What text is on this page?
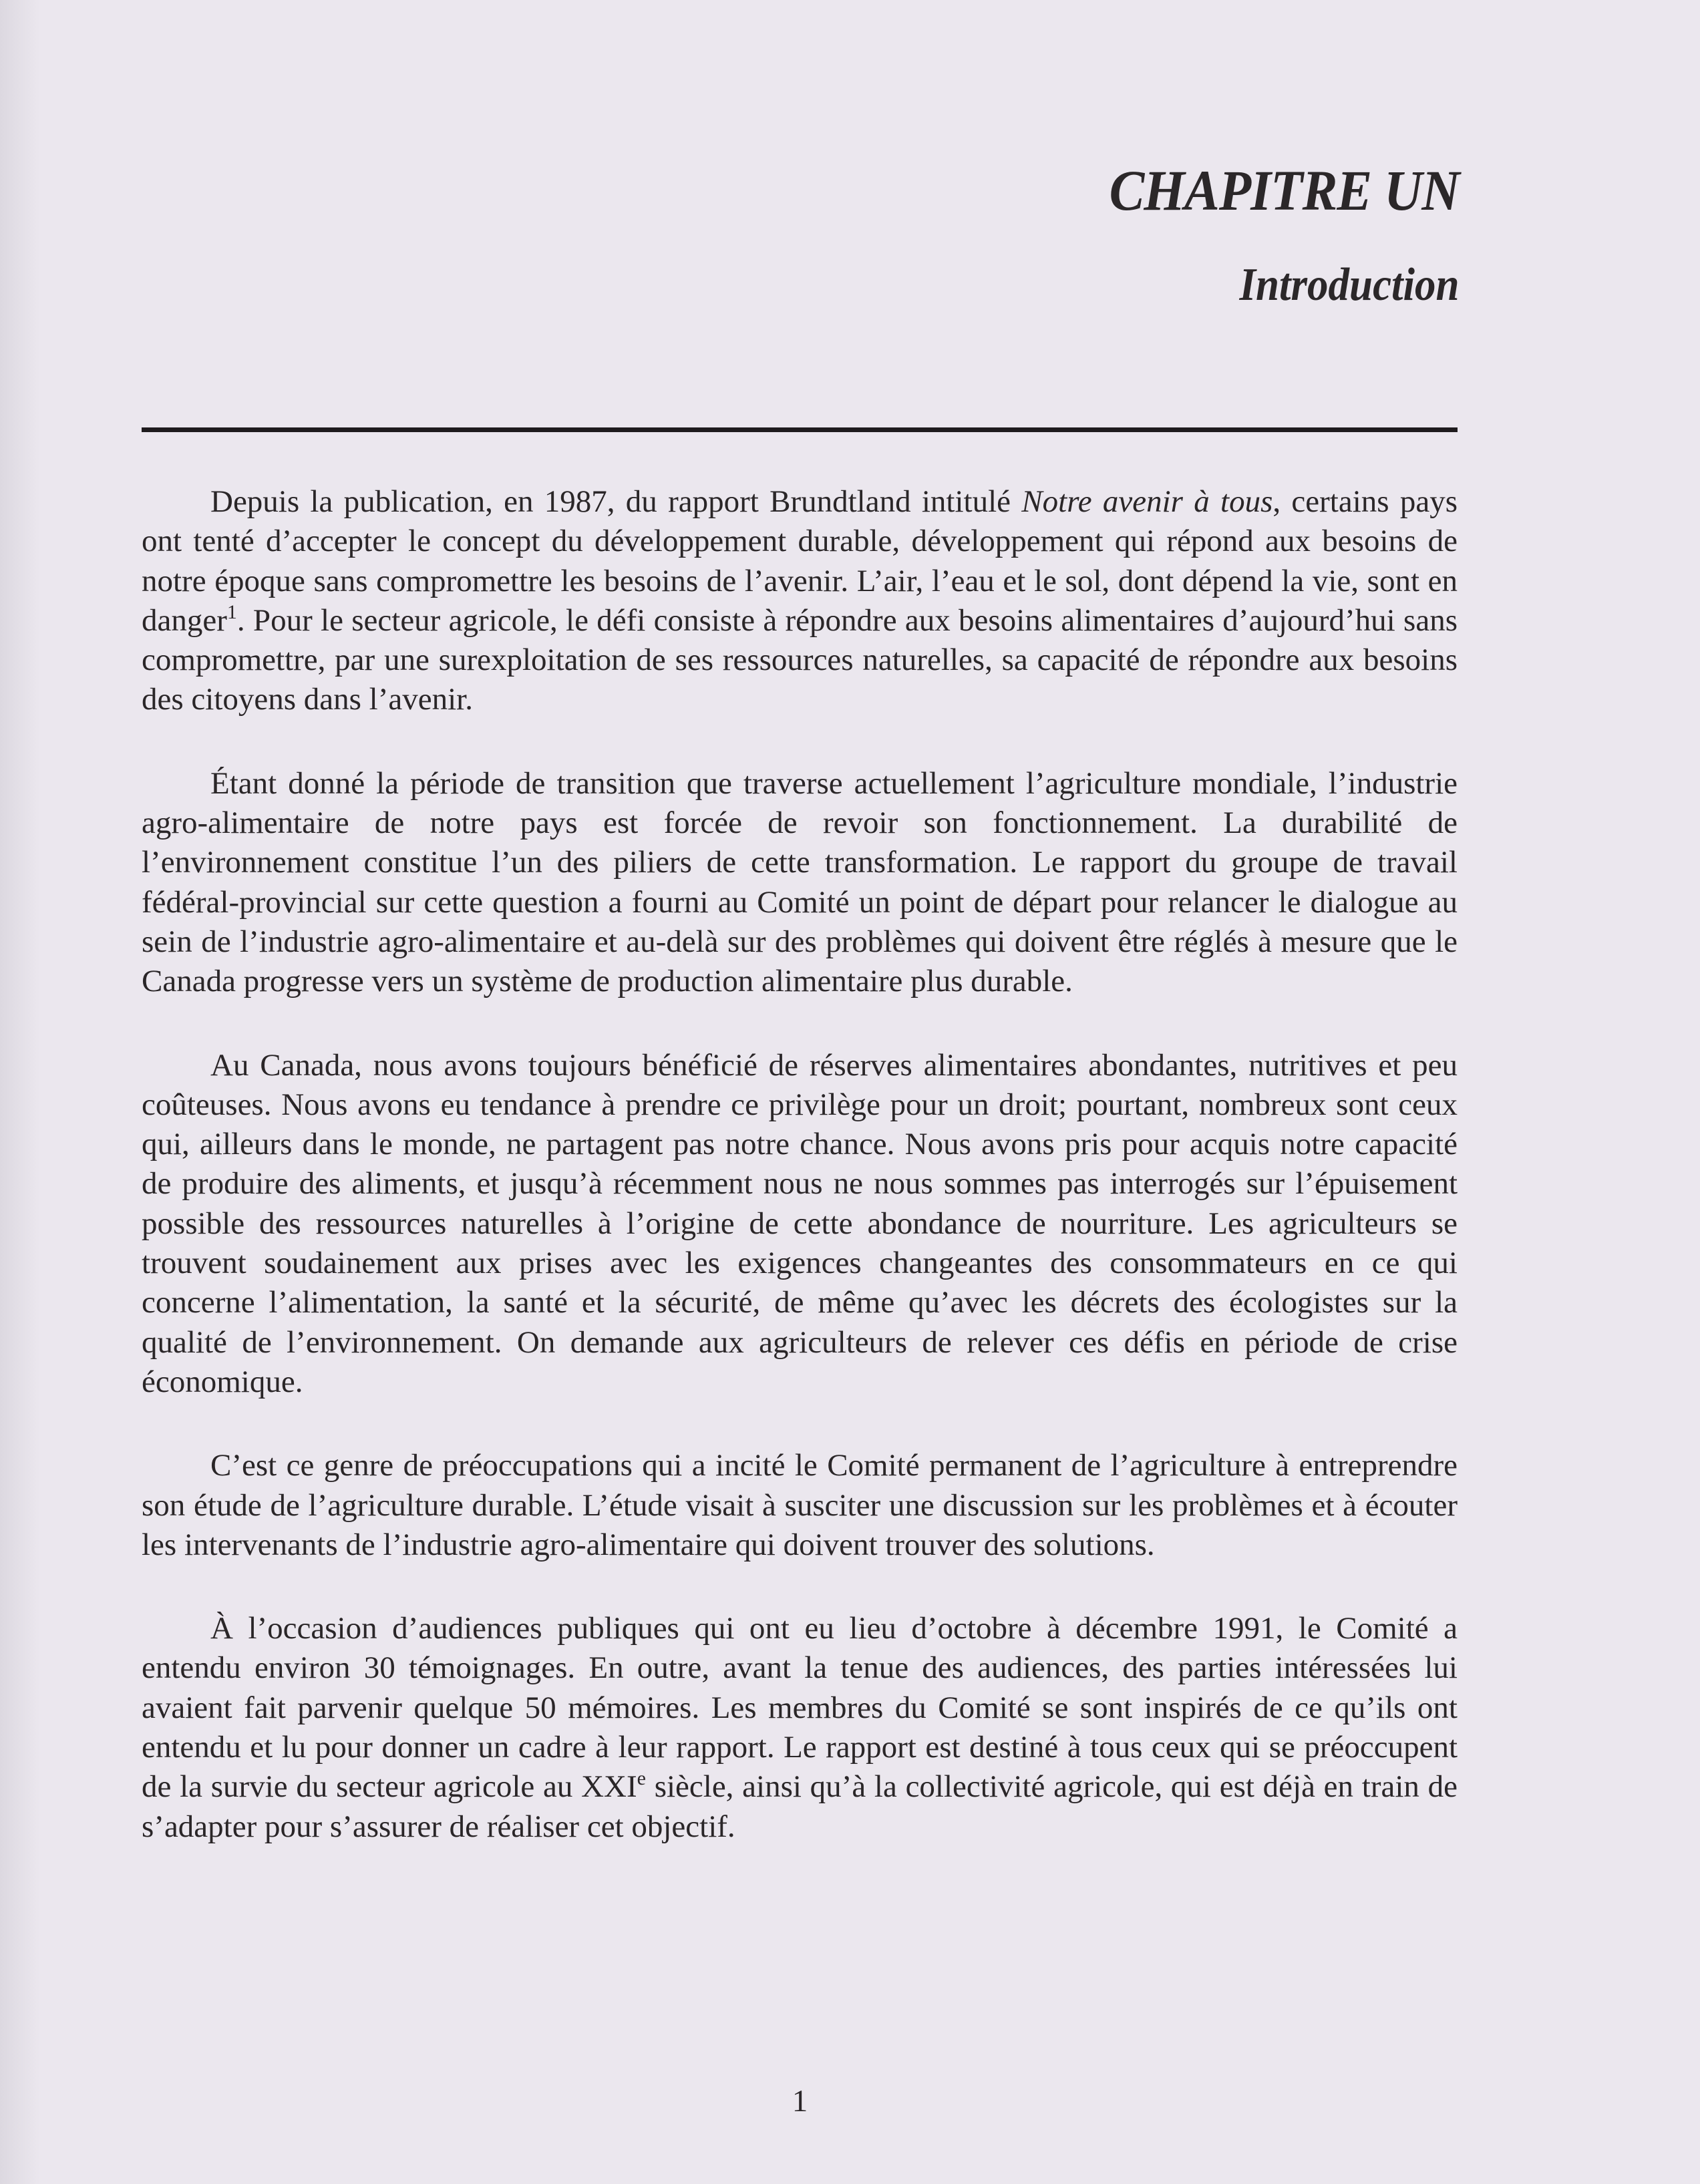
CHAPITRE UN
Introduction

Depuis la publication, en 1987, du rapport Brundtland intitulé Notre avenir à tous, certains pays ont tenté d’accepter le concept du développement durable, développement qui répond aux besoins de notre époque sans compromettre les besoins de l’avenir. L’air, l’eau et le sol, dont dépend la vie, sont en danger$^1$. Pour le secteur agricole, le défi consiste à répondre aux besoins alimentaires d’aujourd’hui sans compromettre, par une surexploitation de ses ressources naturelles, sa capacité de répondre aux besoins des citoyens dans l’avenir.

Étant donné la période de transition que traverse actuellement l’agriculture mondiale, l’industrie agro-alimentaire de notre pays est forcée de revoir son fonctionnement. La durabilité de l’environnement constitue l’un des piliers de cette transformation. Le rapport du groupe de travail fédéral-provincial sur cette question a fourni au Comité un point de départ pour relancer le dialogue au sein de l’industrie agro-alimentaire et au-delà sur des problèmes qui doivent être réglés à mesure que le Canada progresse vers un système de production alimentaire plus durable.

Au Canada, nous avons toujours bénéficié de réserves alimentaires abondantes, nutritives et peu coûteuses. Nous avons eu tendance à prendre ce privilège pour un droit; pourtant, nombreux sont ceux qui, ailleurs dans le monde, ne partagent pas notre chance. Nous avons pris pour acquis notre capacité de produire des aliments, et jusqu’à récemment nous ne nous sommes pas interrogés sur l’épuisement possible des ressources naturelles à l’origine de cette abondance de nourriture. Les agriculteurs se trouvent soudainement aux prises avec les exigences changeantes des consommateurs en ce qui concerne l’alimentation, la santé et la sécurité, de même qu’avec les décrets des écologistes sur la qualité de l’environnement. On demande aux agriculteurs de relever ces défis en période de crise économique.

C’est ce genre de préoccupations qui a incité le Comité permanent de l’agriculture à entreprendre son étude de l’agriculture durable. L’étude visait à susciter une discussion sur les problèmes et à écouter les intervenants de l’industrie agro-alimentaire qui doivent trouver des solutions.

À l’occasion d’audiences publiques qui ont eu lieu d’octobre à décembre 1991, le Comité a entendu environ 30 témoignages. En outre, avant la tenue des audiences, des parties intéressées lui avaient fait parvenir quelque 50 mémoires. Les membres du Comité se sont inspirés de ce qu’ils ont entendu et lu pour donner un cadre à leur rapport. Le rapport est destiné à tous ceux qui se préoccupent de la survie du secteur agricole au XXIe siècle, ainsi qu’à la collectivité agricole, qui est déjà en train de s’adapter pour s’assurer de réaliser cet objectif.

1
